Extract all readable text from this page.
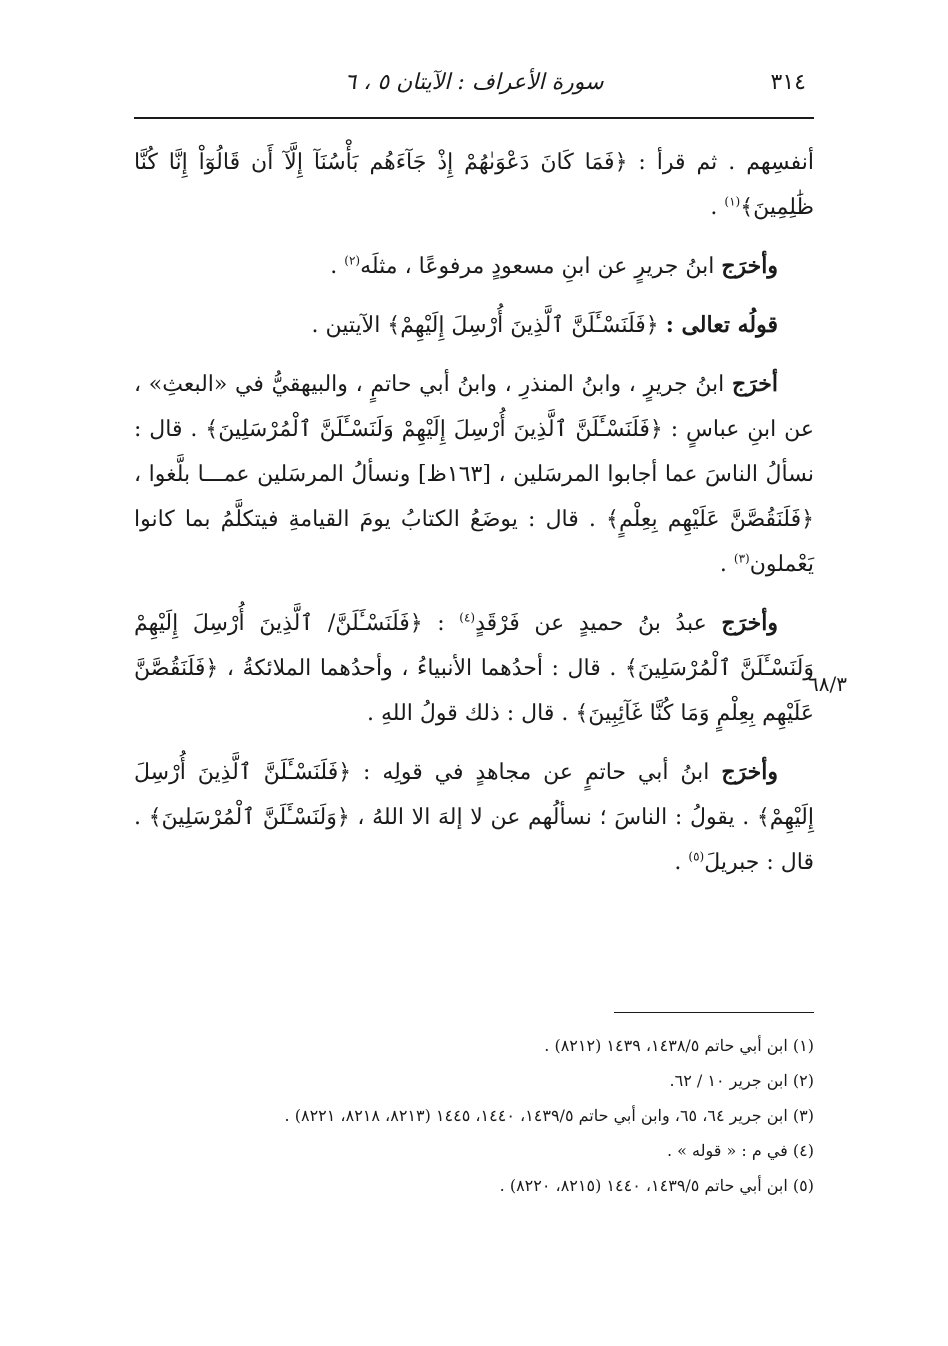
٣١٤
سورة الأعراف : الآيتان ٥ ، ٦
٦٨/٣

أنفسِهم . ثم قرأ : ﴿فَمَا كَانَ دَعْوَىٰهُمْ إِذْ جَآءَهُم بَأْسُنَآ إِلَّآ أَن قَالُوٓاْ إِنَّا كُنَّا ظَٰلِمِينَ﴾$^{(١)}$ .

وأخرَج ابنُ جريرٍ عن ابنِ مسعودٍ مرفوعًا ، مثلَه$^{(٢)}$ .

قولُه تعالى : ﴿فَلَنَسْـَٔلَنَّ ٱلَّذِينَ أُرْسِلَ إِلَيْهِمْ﴾ الآيتين .

أخرَج ابنُ جريرٍ ، وابنُ المنذرِ ، وابنُ أبي حاتمٍ ، والبيهقيُّ في «البعثِ» ، عن ابنِ عباسٍ : ﴿فَلَنَسْـَٔلَنَّ ٱلَّذِينَ أُرْسِلَ إِلَيْهِمْ وَلَنَسْـَٔلَنَّ ٱلْمُرْسَلِينَ﴾ . قال : نسألُ الناسَ عما أجابوا المرسَلين ، [١٦٣ظ] ونسألُ المرسَلين عمـــا بلَّغوا ، ﴿فَلَنَقُصَّنَّ عَلَيْهِم بِعِلْمٍ﴾ . قال : يوضَعُ الكتابُ يومَ القيامةِ فيتكلَّمُ بما كانوا يَعْملون$^{(٣)}$ .

وأخرَج عبدُ بنُ حميدٍ عن فَرْقَدٍ$^{(٤)}$ : ﴿فَلَنَسْـَٔلَنَّ/ ٱلَّذِينَ أُرْسِلَ إِلَيْهِمْ وَلَنَسْـَٔلَنَّ ٱلْمُرْسَلِينَ﴾ . قال : أحدُهما الأنبياءُ ، وأحدُهما الملائكةُ ، ﴿فَلَنَقُصَّنَّ عَلَيْهِم بِعِلْمٍ وَمَا كُنَّا غَآئِبِينَ﴾ . قال : ذلك قولُ اللهِ .

وأخرَج ابنُ أبي حاتمٍ عن مجاهدٍ في قولِه : ﴿فَلَنَسْـَٔلَنَّ ٱلَّذِينَ أُرْسِلَ إِلَيْهِمْ﴾ . يقولُ : الناسَ ؛ نسألُهم عن لا إلهَ الا اللهُ ، ﴿وَلَنَسْـَٔلَنَّ ٱلْمُرْسَلِينَ﴾ . قال : جبريلَ$^{(٥)}$ .

(١) ابن أبي حاتم ١٤٣٨/٥، ١٤٣٩ (٨٢١٢) .
(٢) ابن جرير ١٠ / ٦٢.
(٣) ابن جرير ٦٤، ٦٥، وابن أبي حاتم ١٤٣٩/٥، ١٤٤٠، ١٤٤٥ (٨٢١٣، ٨٢١٨، ٨٢٢١) .
(٤) في م : « قوله » .
(٥) ابن أبي حاتم ١٤٣٩/٥، ١٤٤٠ (٨٢١٥، ٨٢٢٠) .
